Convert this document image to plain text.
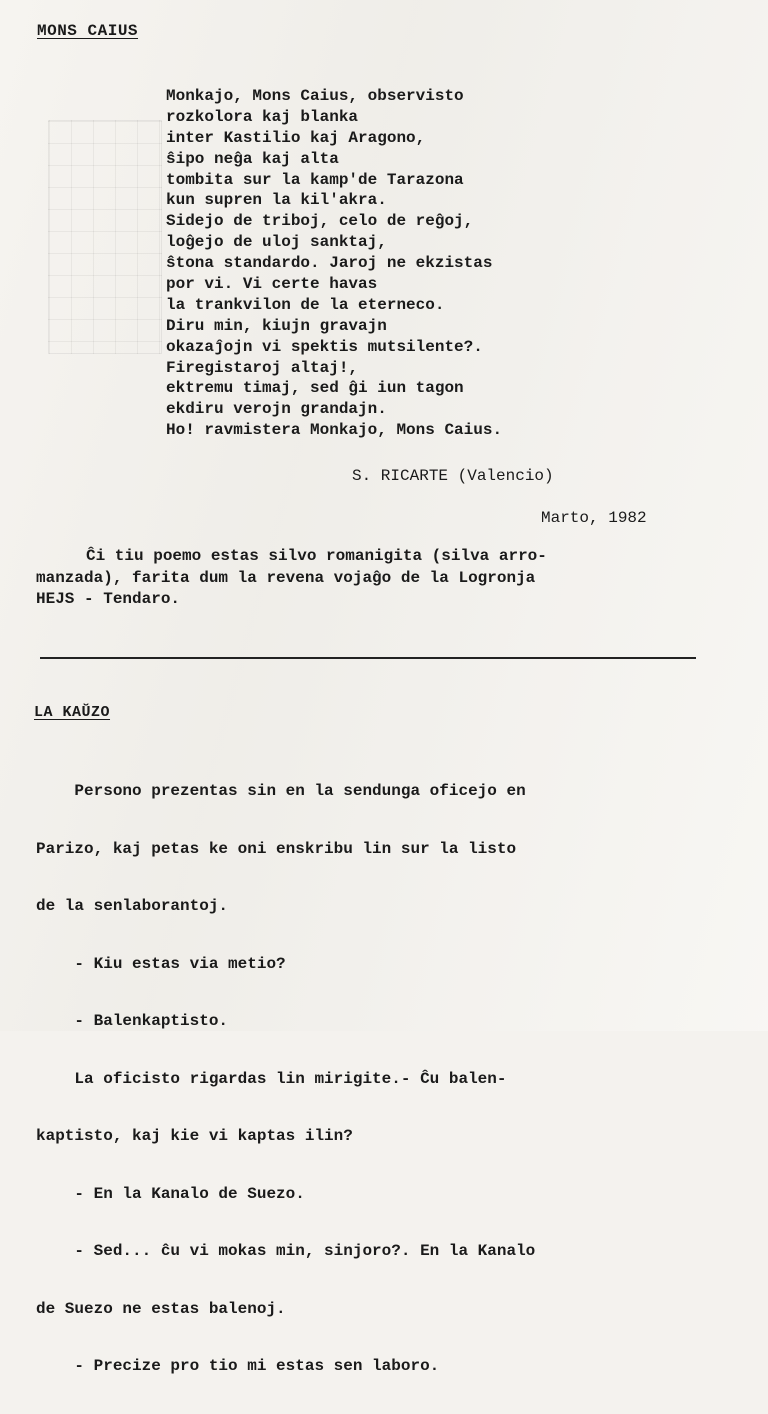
MONS CAIUS
Monkajo, Mons Caius, observisto
rozkolora kaj blanka
inter Kastilio kaj Aragono,
ŝipo neĝa kaj alta
tombita sur la kamp'de Tarazona
kun supren la kil'akra.
Sidejo de triboj, celo de reĝoj,
loĝejo de uloj sanktaj,
ŝtona standardo. Jaroj ne ekzistas
por vi. Vi certe havas
la trankvilon de la eterneco.
Diru min, kiujn gravajn
okazaĵojn vi spektis mutsilente?.
Firegistaroj altaj!,
ektremu timaj, sed ĝi iun tagon
ekdiru verojn grandajn.
Ho! ravmistera Monkajo, Mons Caius.

S. RICARTE (Valencio)

Marto, 1982

Ĉi tiu poemo estas silvo romanigita (silva arro-
manzada), farita dum la revena vojaĝo de la Logronja
HEJS - Tendaro.
LA KAŬZO

Persono prezentas sin en la sendunga oficejo en

Parizo, kaj petas ke oni enskribu lin sur la listo

de la senlaborantoj.

- Kiu estas via metio?

- Balenkaptisto.

La oficisto rigardas lin mirigite.- Ĉu balen-

kaptisto, kaj kie vi kaptas ilin?

- En la Kanalo de Suezo.

- Sed... ĉu vi mokas min, sinjoro?. En la Kanalo

de Suezo ne estas balenoj.

- Precize pro tio mi estas sen laboro.
